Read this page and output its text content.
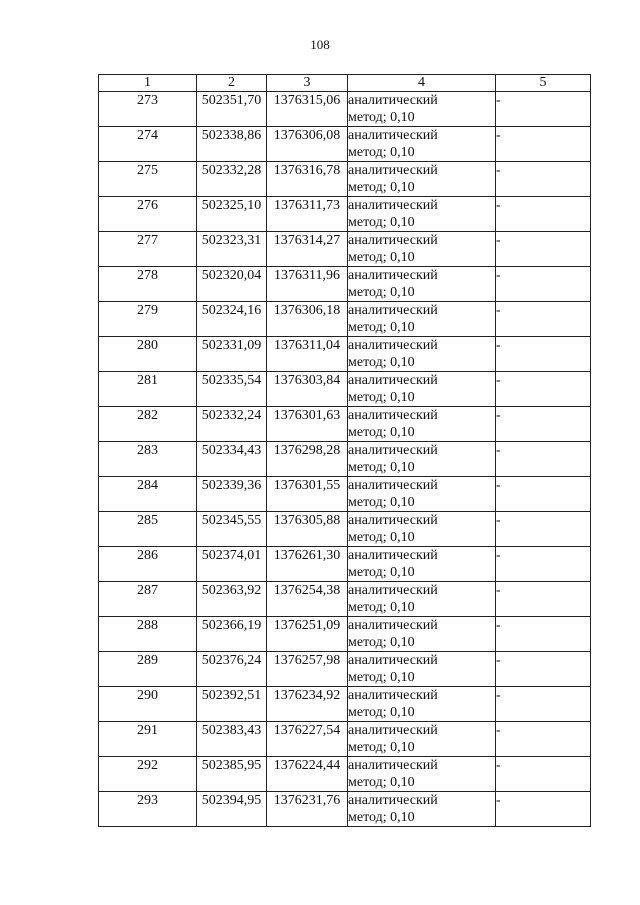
108
1	2	3	4	5
273	502351,70	1376315,06	аналитический
метод; 0,10	-
274	502338,86	1376306,08	аналитический
метод; 0,10	-
275	502332,28	1376316,78	аналитический
метод; 0,10	-
276	502325,10	1376311,73	аналитический
метод; 0,10	-
277	502323,31	1376314,27	аналитический
метод; 0,10	-
278	502320,04	1376311,96	аналитический
метод; 0,10	-
279	502324,16	1376306,18	аналитический
метод; 0,10	-
280	502331,09	1376311,04	аналитический
метод; 0,10	-
281	502335,54	1376303,84	аналитический
метод; 0,10	-
282	502332,24	1376301,63	аналитический
метод; 0,10	-
283	502334,43	1376298,28	аналитический
метод; 0,10	-
284	502339,36	1376301,55	аналитический
метод; 0,10	-
285	502345,55	1376305,88	аналитический
метод; 0,10	-
286	502374,01	1376261,30	аналитический
метод; 0,10	-
287	502363,92	1376254,38	аналитический
метод; 0,10	-
288	502366,19	1376251,09	аналитический
метод; 0,10	-
289	502376,24	1376257,98	аналитический
метод; 0,10	-
290	502392,51	1376234,92	аналитический
метод; 0,10	-
291	502383,43	1376227,54	аналитический
метод; 0,10	-
292	502385,95	1376224,44	аналитический
метод; 0,10	-
293	502394,95	1376231,76	аналитический
метод; 0,10	-
